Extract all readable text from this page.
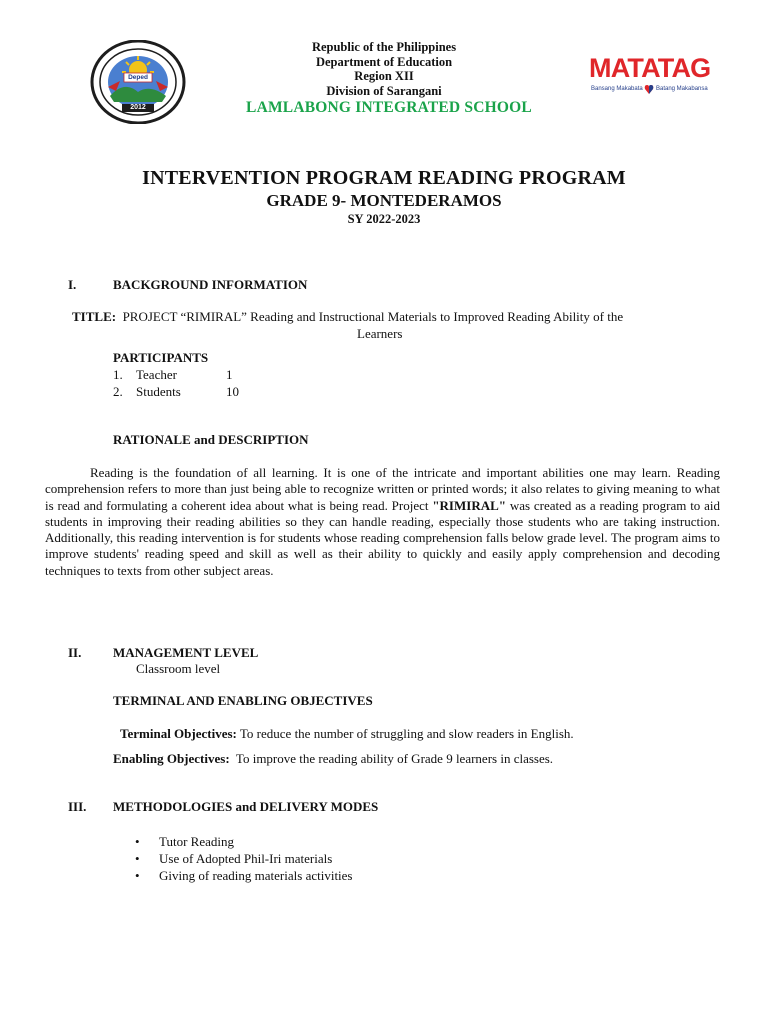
Deped
2012
Republic of the Philippines
Department of Education
Region XII
Division of Sarangani
LAMLABONG INTEGRATED SCHOOL
MATATAG
Bansang Makabata Batang Makabansa
INTERVENTION PROGRAM READING PROGRAM
GRADE 9- MONTEDERAMOS
SY 2022-2023
I.	BACKGROUND INFORMATION
TITLE: PROJECT “RIMIRAL” Reading and Instructional Materials to Improved Reading Ability of the
Learners
PARTICIPANTS
1. Teacher	1
2. Students	10
RATIONALE and DESCRIPTION
Reading is the foundation of all learning. It is one of the intricate and important abilities one may learn. Reading comprehension refers to more than just being able to recognize written or printed words; it also relates to giving meaning to what is read and formulating a coherent idea about what is being read. Project "RIMIRAL" was created as a reading program to aid students in improving their reading abilities so they can handle reading, especially those students who are taking instruction. Additionally, this reading intervention is for students whose reading comprehension falls below grade level. The program aims to improve students' reading speed and skill as well as their ability to quickly and easily apply comprehension and decoding techniques to texts from other subject areas.
II. MANAGEMENT LEVEL
Classroom level
TERMINAL AND ENABLING OBJECTIVES
Terminal Objectives: To reduce the number of struggling and slow readers in English.
Enabling Objectives: To improve the reading ability of Grade 9 learners in classes.
III. METHODOLOGIES and DELIVERY MODES
• Tutor Reading
• Use of Adopted Phil-Iri materials
• Giving of reading materials activities
